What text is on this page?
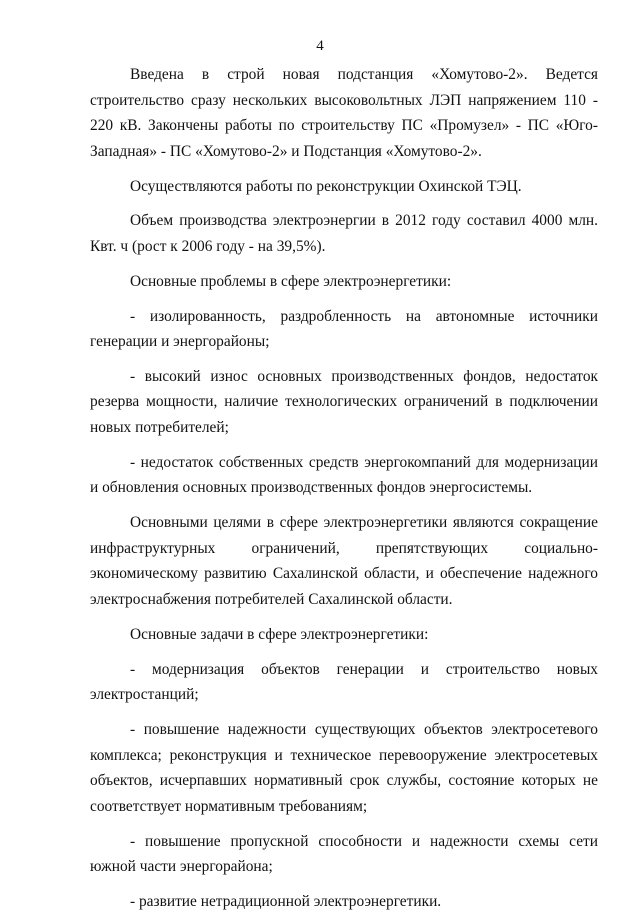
4

Введена в строй новая подстанция «Хомутово-2». Ведется строительство сразу нескольких высоковольтных ЛЭП напряжением 110 - 220 кВ. Закончены работы по строительству ПС «Промузел» - ПС «Юго-Западная» - ПС «Хомутово-2» и Подстанция «Хомутово-2».

Осуществляются работы по реконструкции Охинской ТЭЦ.

Объем производства электроэнергии в 2012 году составил 4000 млн. Квт. ч (рост к 2006 году - на 39,5%).

Основные проблемы в сфере электроэнергетики:

- изолированность, раздробленность на автономные источники генерации и энергорайоны;

- высокий износ основных производственных фондов, недостаток резерва мощности, наличие технологических ограничений в подключении новых потребителей;

- недостаток собственных средств энергокомпаний для модернизации и обновления основных производственных фондов энергосистемы.

Основными целями в сфере электроэнергетики являются сокращение инфраструктурных ограничений, препятствующих социально-экономическому развитию Сахалинской области, и обеспечение надежного электроснабжения потребителей Сахалинской области.

Основные задачи в сфере электроэнергетики:

- модернизация объектов генерации и строительство новых электростанций;

- повышение надежности существующих объектов электросетевого комплекса; реконструкция и техническое перевооружение электросетевых объектов, исчерпавших нормативный срок службы, состояние которых не соответствует нормативным требованиям;

- повышение пропускной способности и надежности схемы сети южной части энергорайона;

- развитие нетрадиционной электроэнергетики.
